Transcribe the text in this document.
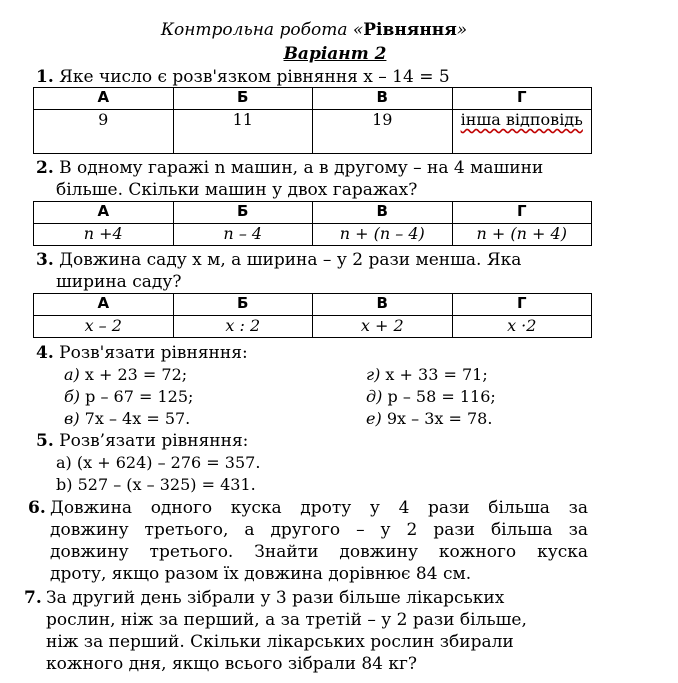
Контрольна робота «Рівняння»
Варіант 2
1. Яке число є розв'язком рівняння x – 14 = 5
А	Б	В	Г
9	11	19	інша відповідь
2. В одному гаражі n машин, а в другому – на 4 машини
більше. Скільки машин у двох гаражах?
А	Б	В	Г
n +4	n – 4	n + (n – 4)	n + (n + 4)
3. Довжина саду x м, а ширина – у 2 рази менша. Яка
ширина саду?
А	Б	В	Г
x – 2	x : 2	x + 2	x ·2
4. Розв'язати рівняння:
а) x + 23 = 72;
б) p – 67 = 125;
в) 7x – 4x = 57.
г) x + 33 = 71;
д) p – 58 = 116;
е) 9x – 3x = 78.
5. Розв’язати рівняння:
а) (x + 624) – 276 = 357.
b) 527 – (x – 325) = 431.
6. Довжина одного куска дроту у 4 рази більша за
довжину третього, а другого – у 2 рази більша за
довжину третього. Знайти довжину кожного куска
дроту, якщо разом їх довжина дорівнює 84 см.
7. За другий день зібрали у 3 рази більше лікарських
рослин, ніж за перший, а за третій – у 2 рази більше,
ніж за перший. Скільки лікарських рослин збирали
кожного дня, якщо всього зібрали 84 кг?
